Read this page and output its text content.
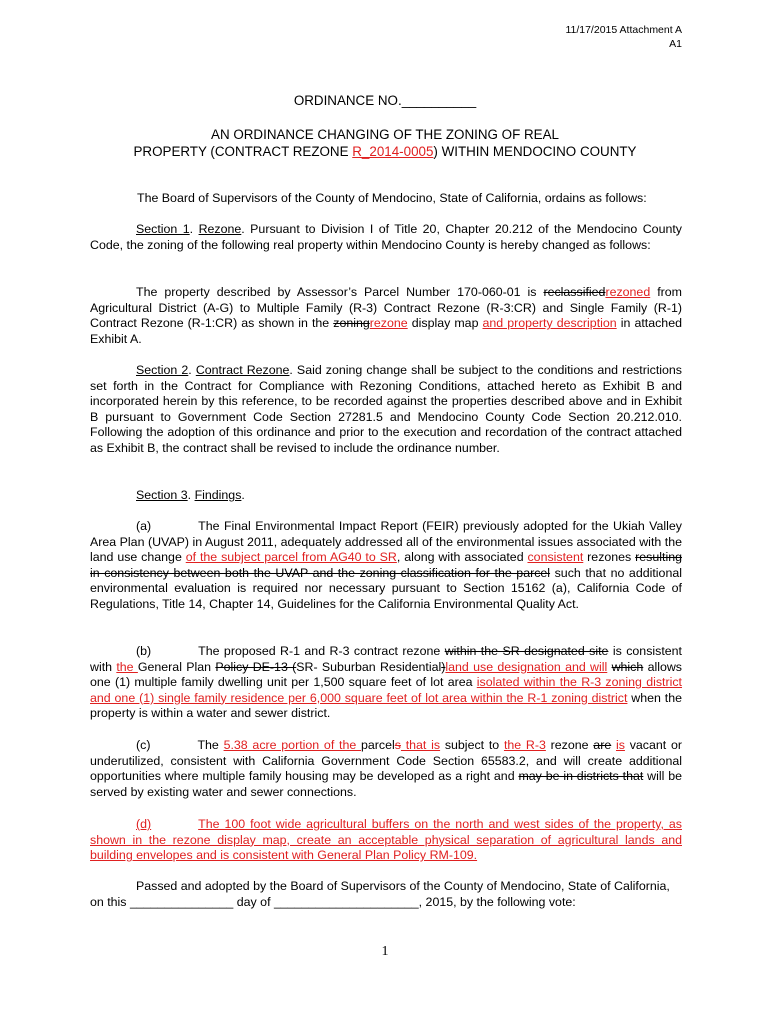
11/17/2015 Attachment A
A1
ORDINANCE NO.__________
AN ORDINANCE CHANGING OF THE ZONING OF REAL
PROPERTY (CONTRACT REZONE R_2014-0005) WITHIN MENDOCINO COUNTY
The Board of Supervisors of the County of Mendocino, State of California, ordains as follows:
Section 1. Rezone. Pursuant to Division I of Title 20, Chapter 20.212 of the Mendocino County Code, the zoning of the following real property within Mendocino County is hereby changed as follows:
The property described by Assessor’s Parcel Number 170-060-01 is reclassifiedrezoned from Agricultural District (A-G) to Multiple Family (R-3) Contract Rezone (R-3:CR) and Single Family (R-1) Contract Rezone (R-1:CR) as shown in the zoningrezone display map and property description in attached Exhibit A.
Section 2. Contract Rezone. Said zoning change shall be subject to the conditions and restrictions set forth in the Contract for Compliance with Rezoning Conditions, attached hereto as Exhibit B and incorporated herein by this reference, to be recorded against the properties described above and in Exhibit B pursuant to Government Code Section 27281.5 and Mendocino County Code Section 20.212.010. Following the adoption of this ordinance and prior to the execution and recordation of the contract attached as Exhibit B, the contract shall be revised to include the ordinance number.
Section 3. Findings.
(a)	The Final Environmental Impact Report (FEIR) previously adopted for the Ukiah Valley Area Plan (UVAP) in August 2011, adequately addressed all of the environmental issues associated with the land use change of the subject parcel from AG40 to SR, along with associated consistent rezones resulting in consistency between both the UVAP and the zoning classification for the parcel such that no additional environmental evaluation is required nor necessary pursuant to Section 15162 (a), California Code of Regulations, Title 14, Chapter 14, Guidelines for the California Environmental Quality Act.
(b)	The proposed R-1 and R-3 contract rezone within the SR designated site is consistent with the General Plan Policy DE-13 (SR- Suburban Residential)land use designation and will which allows one (1) multiple family dwelling unit per 1,500 square feet of lot area isolated within the R-3 zoning district and one (1) single family residence per 6,000 square feet of lot area within the R-1 zoning district when the property is within a water and sewer district.
(c)	The 5.38 acre portion of the parcels that is subject to the R-3 rezone are is vacant or underutilized, consistent with California Government Code Section 65583.2, and will create additional opportunities where multiple family housing may be developed as a right and may be in districts that will be served by existing water and sewer connections.
(d)	The 100 foot wide agricultural buffers on the north and west sides of the property, as shown in the rezone display map, create an acceptable physical separation of agricultural lands and building envelopes and is consistent with General Plan Policy RM-109.
Passed and adopted by the Board of Supervisors of the County of Mendocino, State of California, on this _______________ day of _____________________, 2015, by the following vote:
1
